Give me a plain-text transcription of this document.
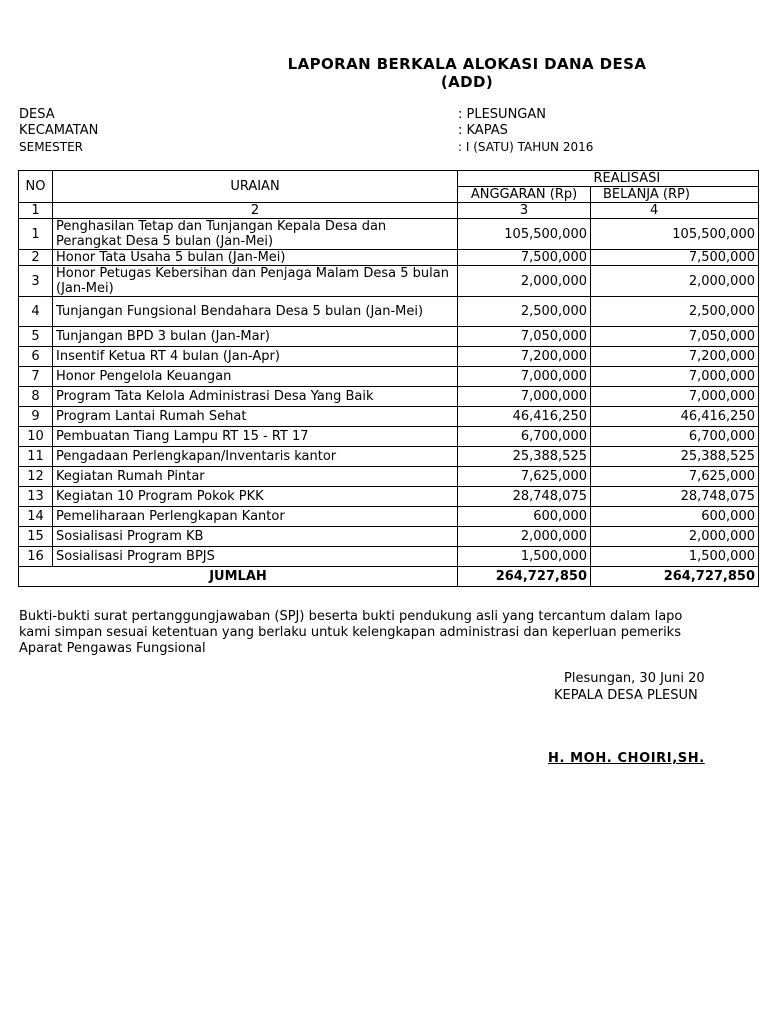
LAPORAN BERKALA ALOKASI DANA DESA
(ADD)
DESA	: PLESUNGAN
KECAMATAN	: KAPAS
SEMESTER	: I (SATU) TAHUN 2016
NO	URAIAN		REALISASI
		ANGGARAN (Rp)	BELANJA (RP)
1	2	3	4
1	Penghasilan Tetap dan Tunjangan Kepala Desa dan Perangkat Desa 5 bulan (Jan-Mei)	105,500,000	105,500,000
2	Honor Tata Usaha 5 bulan (Jan-Mei)	7,500,000	7,500,000
3	Honor Petugas Kebersihan dan Penjaga Malam Desa 5 bulan (Jan-Mei)	2,000,000	2,000,000
4	Tunjangan Fungsional Bendahara Desa 5 bulan (Jan-Mei)	2,500,000	2,500,000
5	Tunjangan BPD 3 bulan (Jan-Mar)	7,050,000	7,050,000
6	Insentif Ketua RT 4 bulan (Jan-Apr)	7,200,000	7,200,000
7	Honor Pengelola Keuangan	7,000,000	7,000,000
8	Program Tata Kelola Administrasi Desa Yang Baik	7,000,000	7,000,000
9	Program Lantai Rumah Sehat	46,416,250	46,416,250
10	Pembuatan Tiang Lampu RT 15 - RT 17	6,700,000	6,700,000
11	Pengadaan Perlengkapan/Inventaris kantor	25,388,525	25,388,525
12	Kegiatan Rumah Pintar	7,625,000	7,625,000
13	Kegiatan 10 Program Pokok PKK	28,748,075	28,748,075
14	Pemeliharaan Perlengkapan Kantor	600,000	600,000
15	Sosialisasi Program KB	2,000,000	2,000,000
16	Sosialisasi Program BPJS	1,500,000	1,500,000
JUMLAH		264,727,850	264,727,850
Bukti-bukti surat pertanggungjawaban (SPJ) beserta bukti pendukung asli yang tercantum dalam lapo
kami simpan sesuai ketentuan yang berlaku untuk kelengkapan administrasi dan keperluan pemeriks
Aparat Pengawas Fungsional
Plesungan, 30 Juni 20
KEPALA DESA PLESUN
H. MOH. CHOIRI,SH.
